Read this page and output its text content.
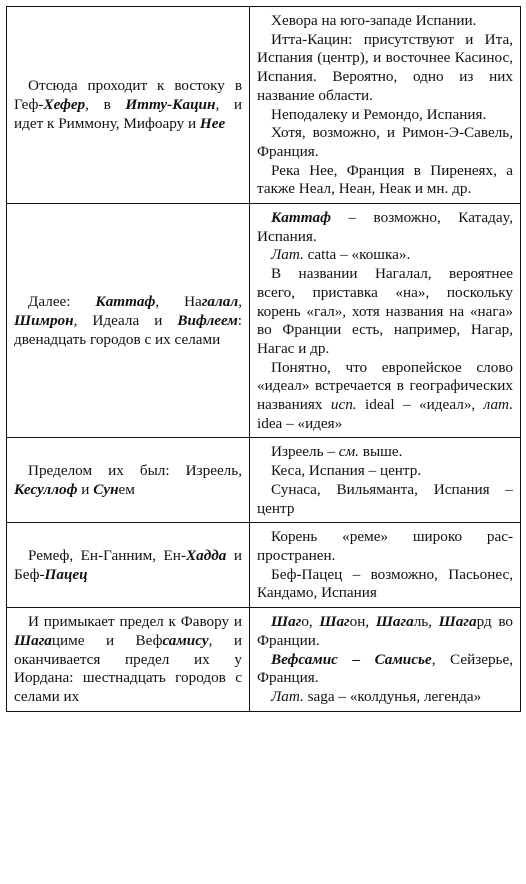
Отсюда проходит к востоку в Геф-Хефер, в Итту-Кацин, и идет к Риммону, Мифоару и Нее	Хевора на юго-западе Испании.

Итта-Кацин: присутствуют и Ита, Испания (центр), и восточнее Касинос, Испания. Вероятно, одно из них название области.

Неподалеку и Ремондо, Испания.

Хотя, возможно, и Римон-Э-Савель, Франция.

Река Нее, Франция в Пиренеях, а также Неал, Неан, Неак и мн. др.

Далее: Каттаф, Нагалал, Шимрон, Идеала и Вифлеем: двенадцать городов с их селами	Каттаф – возможно, Катадаy, Испания.

Лат. catta – «кошка».

В названии Нагалал, вероятнее всего, приставка «на», поскольку корень «гал», хотя названия на «нага» во Франции есть, например, Нагар, Нагас и др.

Понятно, что европейское слово «идеал» встречается в географических названиях исп. ideal – «идеал», лат. idea – «идея»

Пределом их был: Изреель, Кесуллоф и Сунем	Изреель – см. выше.

Кеса, Испания – центр.

Сунаса, Вильяманта, Испания – центр

Ремеф, Ен-Ганним, Ен-Хадда и Беф-Пацец	Корень «реме» широко распространен.

Беф-Пацец – возможно, Пасьонес, Кандамо, Испания

И примыкает предел к Фавору и Шагациме и Вефсамису, и оканчивается предел их у Иордана: шестнадцать городов с селами их	Шаго, Шагон, Шагаль, Шагард во Франции.

Вефсамис – Самисье, Сейзерье, Франция.

Лат. saga – «колдунья, легенда»
